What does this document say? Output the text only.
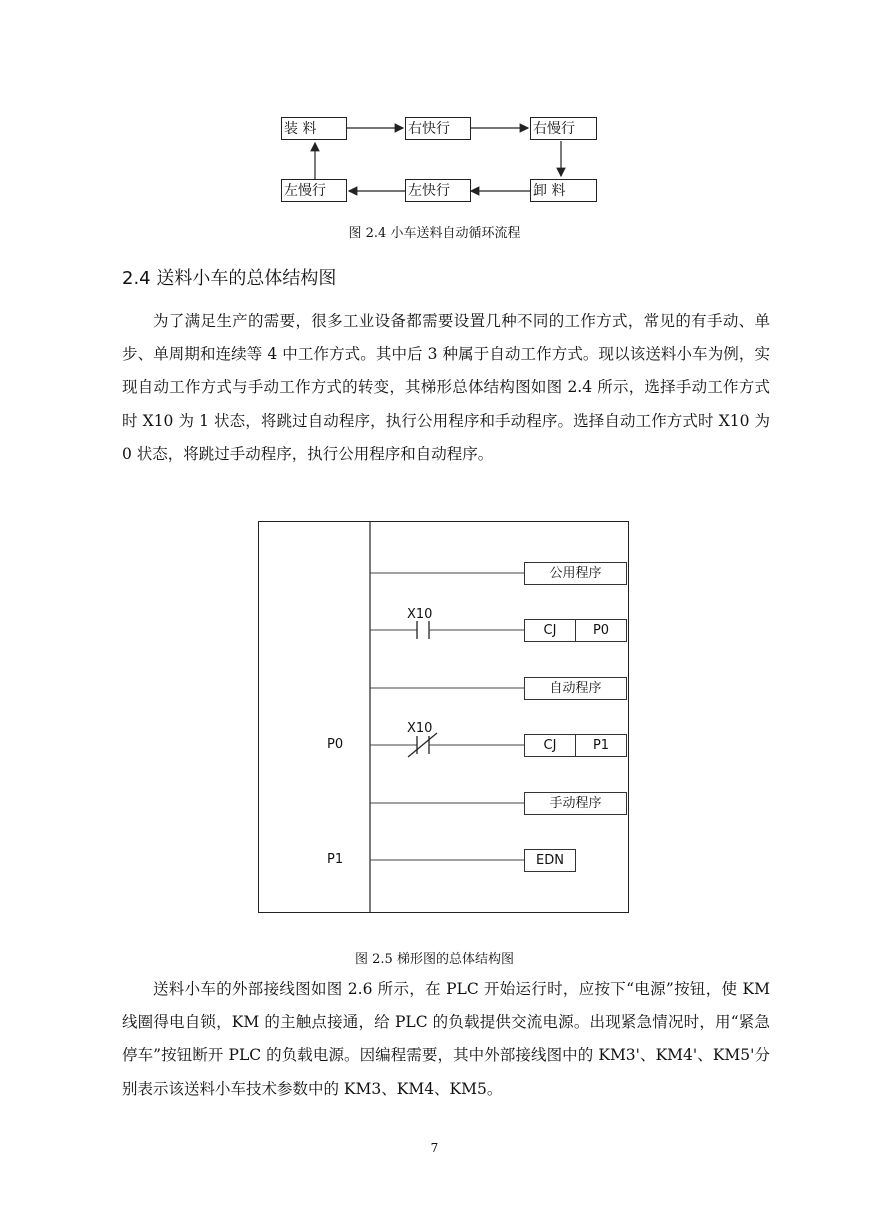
装 料	右快行	右慢行
卸 料
左快行
左慢行
图 2.4 小车送料自动循环流程
2.4 送料小车的总体结构图

为了满足生产的需要，很多工业设备都需要设置几种不同的工作方式，常见的有手动、单步、单周期和连续等 4 中工作方式。其中后 3 种属于自动工作方式。现以该送料小车为例，实现自动工作方式与手动工作方式的转变，其梯形总体结构图如图 2.4 所示，选择手动工作方式时 X10 为 1 状态，将跳过自动程序，执行公用程序和手动程序。选择自动工作方式时 X10 为 0 状态，将跳过手动程序，执行公用程序和自动程序。

公用程序
X10
CJ	P0
自动程序
P0
X10
CJ	P1
手动程序
P1	EDN
图 2.5 梯形图的总体结构图

送料小车的外部接线图如图 2.6 所示，在 PLC 开始运行时，应按下“电源”按钮，使 KM 线圈得电自锁，KM 的主触点接通，给 PLC 的负载提供交流电源。出现紧急情况时，用“紧急停车”按钮断开 PLC 的负载电源。因编程需要，其中外部接线图中的 KM3'、KM4'、KM5'分别表示该送料小车技术参数中的 KM3、KM4、KM5。

7
